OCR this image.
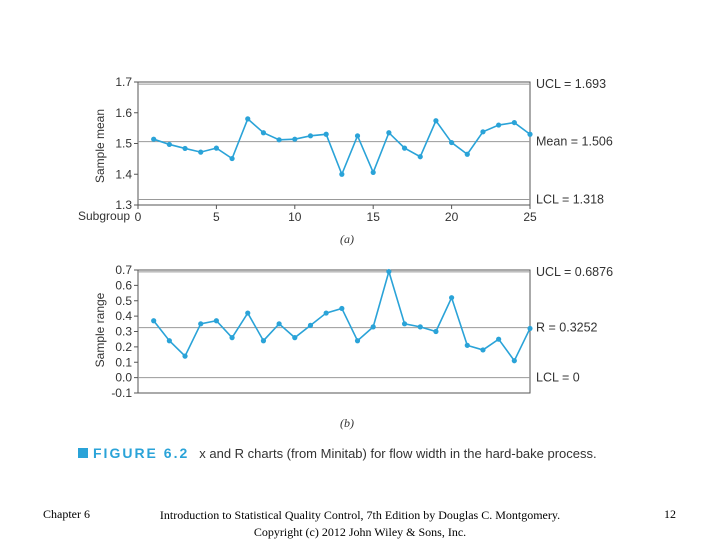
Sample mean
Subgroup
(a)
1.7
1.6
1.5
1.4
1.3
0	5	10	15	20	25
UCL = 1.693
Mean = 1.506
LCL = 1.318
Sample range
(b)
0.7
0.6
0.5
0.4
0.3
0.2
0.1
0.0
-0.1
UCL = 0.6876
R = 0.3252
LCL = 0
FIGURE 6.2 x and R charts (from Minitab) for flow width in the hard-bake process.
Chapter 6	Introduction to Statistical Quality Control, 7th Edition by Douglas C. Montgomery.
Copyright (c) 2012 John Wiley & Sons, Inc.
12
